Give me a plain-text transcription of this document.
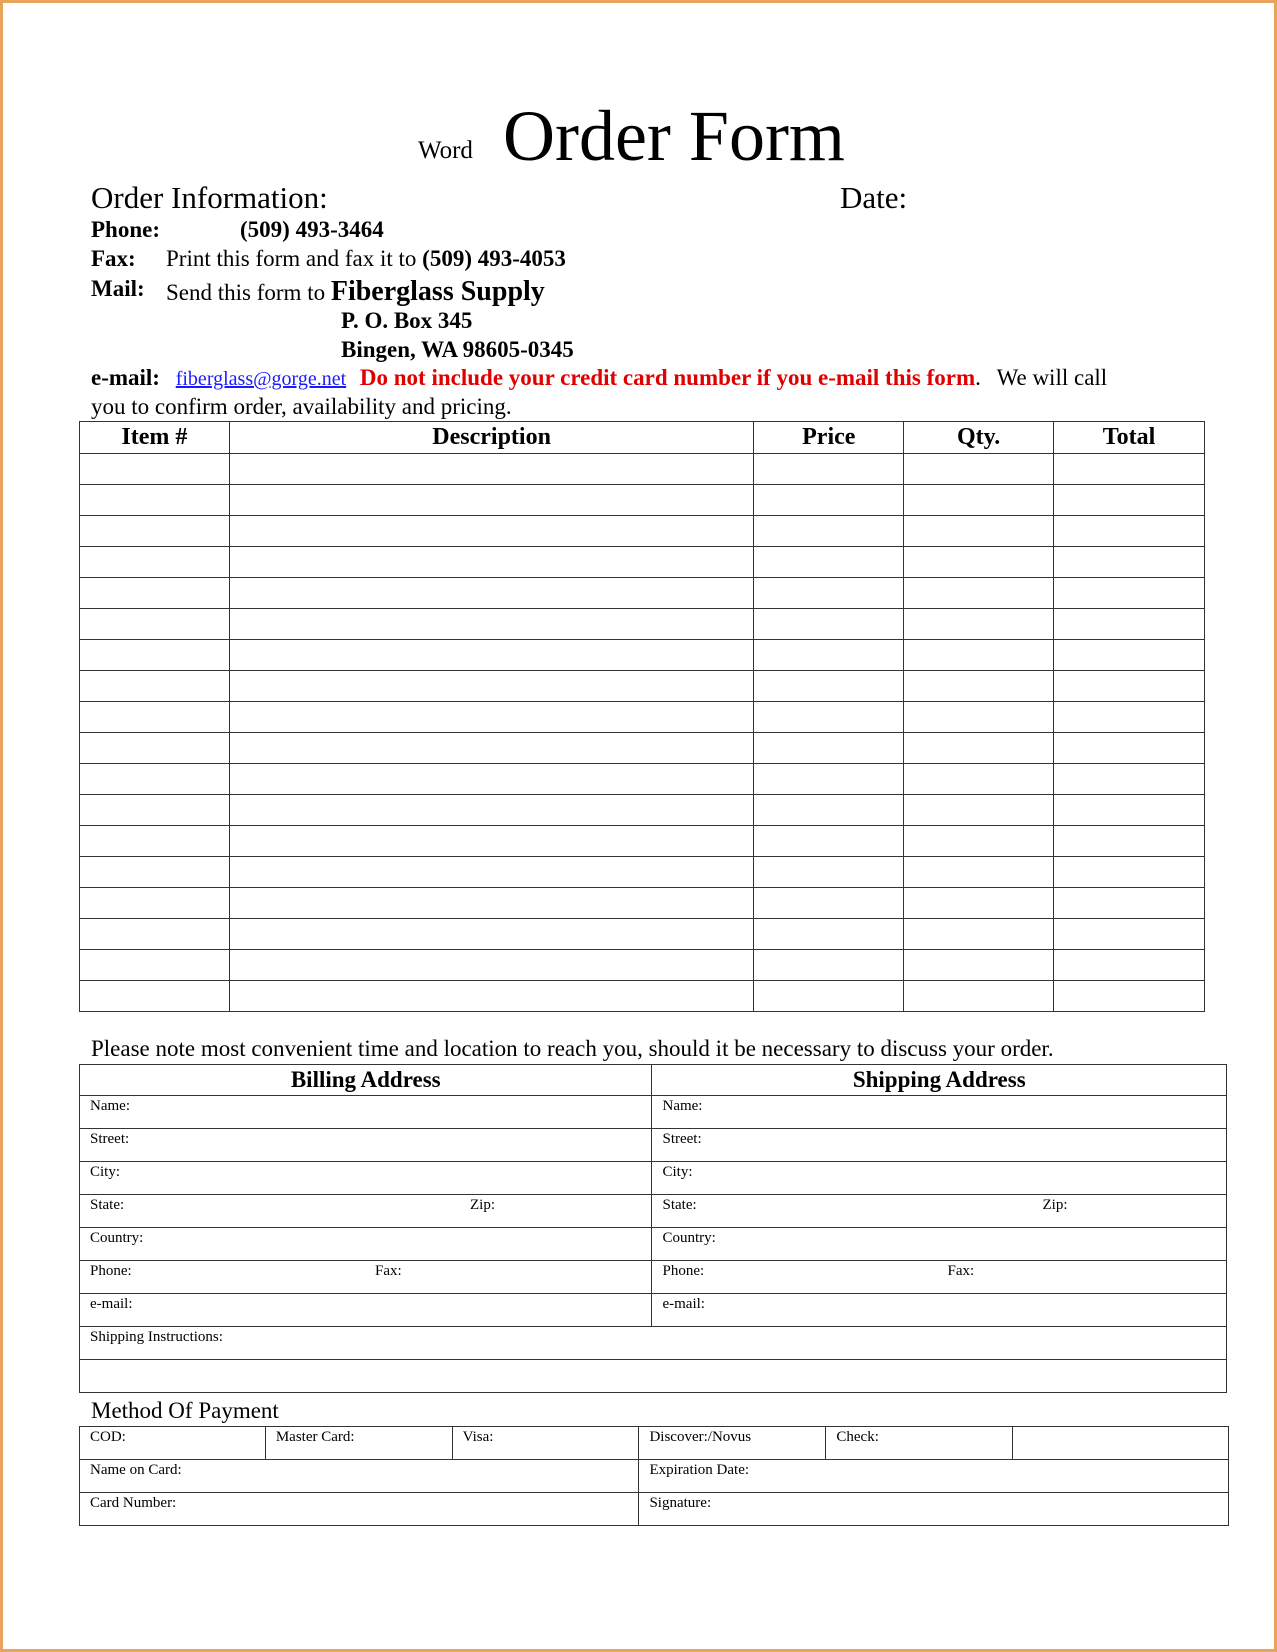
Word Order Form
Order Information:	Date:
Phone:	(509) 493-3464
Fax: Print this form and fax it to (509) 493-4053
Mail: Send this form to Fiberglass Supply
P. O. Box 345
Bingen, WA 98605-0345
e-mail: fiberglass@gorge.net Do not include your credit card number if you e-mail this form. We will call
you to confirm order, availability and pricing.
Item #	Description	Price	Qty.	Total

Please note most convenient time and location to reach you, should it be necessary to discuss your order.
Billing Address	Shipping Address
Name:	Name:
Street:	Street:
City:	City:
State: Zip:	State: Zip:

Country:	Country:
Phone: Fax:	Phone: Fax:

e-mail:	e-mail:
Shipping Instructions:	

Method Of Payment
COD:	Master Card:	Visa:	Discover:/Novus	Check:	
Name on Card:			Expiration Date:		
Card Number:			Signature:		
